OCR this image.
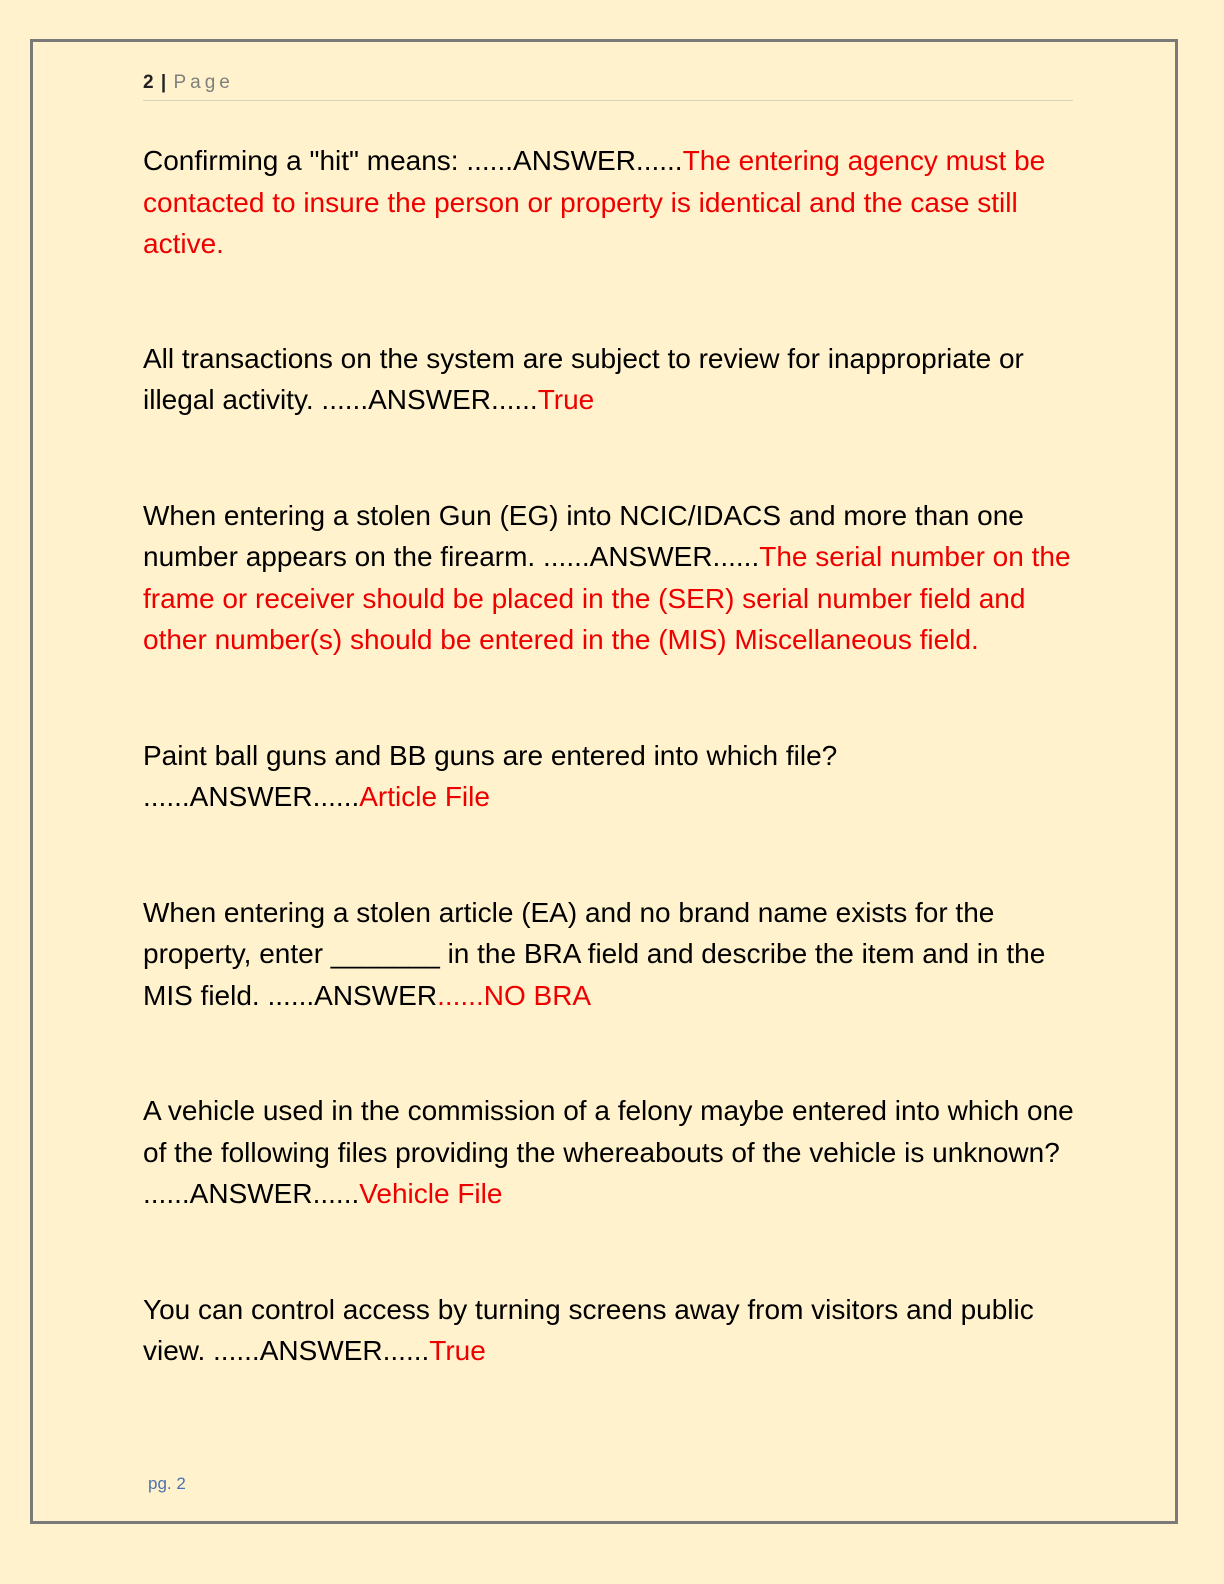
2 | Page

Confirming a "hit" means: ......ANSWER......The entering agency must be contacted to insure the person or property is identical and the case still active.

All transactions on the system are subject to review for inappropriate or illegal activity. ......ANSWER......True

When entering a stolen Gun (EG) into NCIC/IDACS and more than one number appears on the firearm. ......ANSWER......The serial number on the frame or receiver should be placed in the (SER) serial number field and other number(s) should be entered in the (MIS) Miscellaneous field.

Paint ball guns and BB guns are entered into which file?
......ANSWER......Article File

When entering a stolen article (EA) and no brand name exists for the property, enter _______ in the BRA field and describe the item and in the MIS field. ......ANSWER......NO BRA

A vehicle used in the commission of a felony maybe entered into which one of the following files providing the whereabouts of the vehicle is unknown? ......ANSWER......Vehicle File

You can control access by turning screens away from visitors and public view. ......ANSWER......True

pg. 2
